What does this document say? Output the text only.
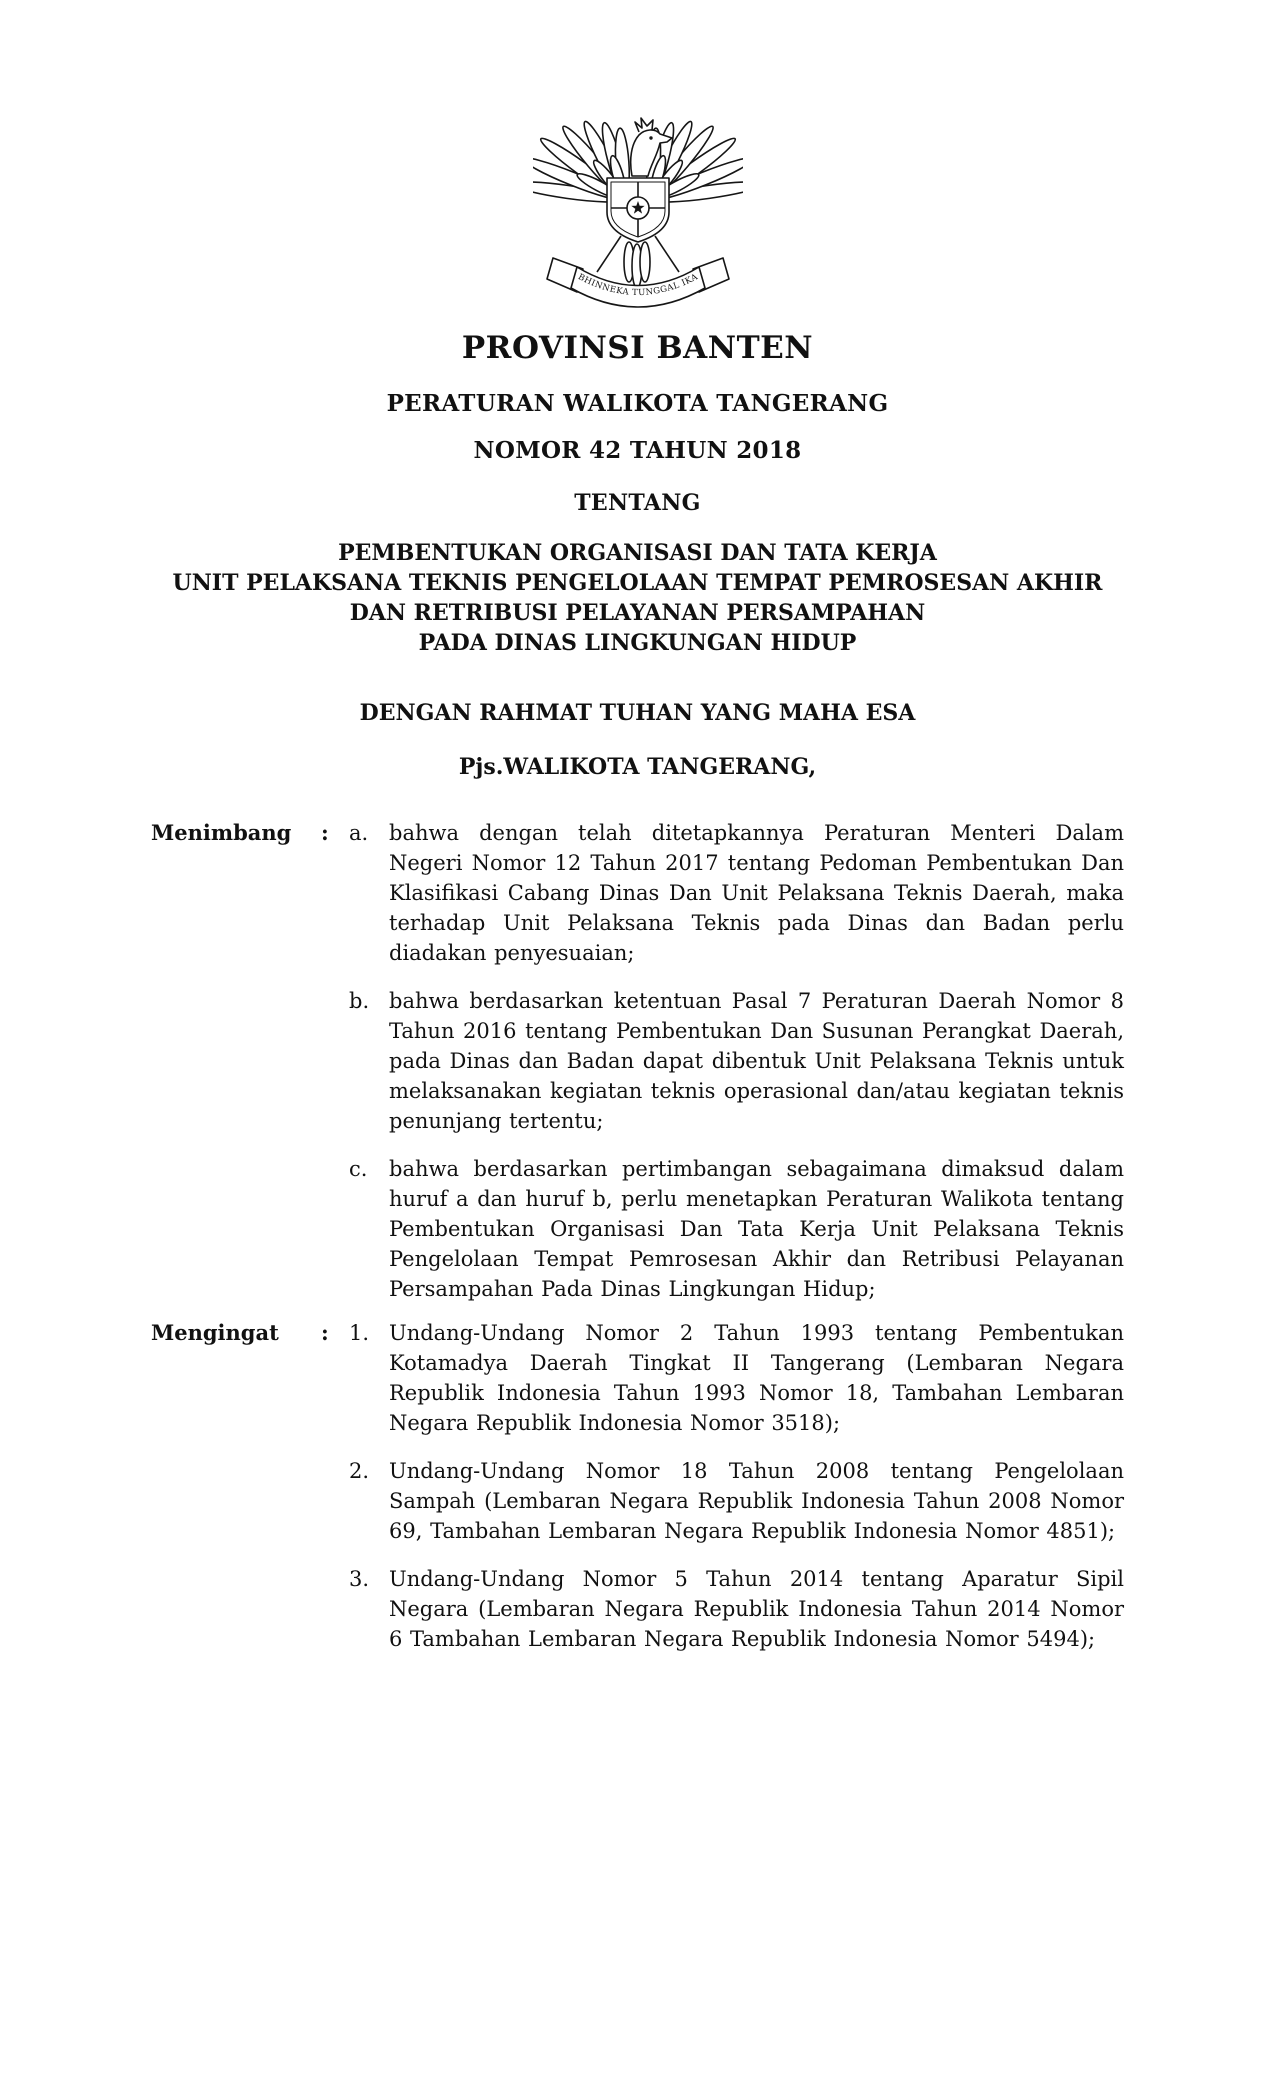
BHINNEKA TUNGGAL IKA
PROVINSI BANTEN
PERATURAN WALIKOTA TANGERANG
NOMOR 42 TAHUN 2018
TENTANG
PEMBENTUKAN ORGANISASI DAN TATA KERJA
UNIT PELAKSANA TEKNIS PENGELOLAAN TEMPAT PEMROSESAN AKHIR
DAN RETRIBUSI PELAYANAN PERSAMPAHAN
PADA DINAS LINGKUNGAN HIDUP
DENGAN RAHMAT TUHAN YANG MAHA ESA
Pjs.WALIKOTA TANGERANG,
Menimbang	: a. bahwa dengan telah ditetapkannya Peraturan Menteri Dalam Negeri Nomor 12 Tahun 2017 tentang Pedoman Pembentukan Dan Klasifikasi Cabang Dinas Dan Unit Pelaksana Teknis Daerah, maka terhadap Unit Pelaksana Teknis pada Dinas dan Badan perlu diadakan penyesuaian;
b. bahwa berdasarkan ketentuan Pasal 7 Peraturan Daerah Nomor 8 Tahun 2016 tentang Pembentukan Dan Susunan Perangkat Daerah, pada Dinas dan Badan dapat dibentuk Unit Pelaksana Teknis untuk melaksanakan kegiatan teknis operasional dan/atau kegiatan teknis penunjang tertentu;
c.	bahwa berdasarkan pertimbangan sebagaimana dimaksud dalam huruf a dan huruf b, perlu menetapkan Peraturan Walikota tentang Pembentukan Organisasi Dan Tata Kerja Unit Pelaksana Teknis Pengelolaan Tempat Pemrosesan Akhir dan Retribusi Pelayanan Persampahan Pada Dinas Lingkungan Hidup;
Mengingat	: 1. Undang-Undang Nomor 2 Tahun 1993 tentang Pembentukan Kotamadya Daerah Tingkat II Tangerang (Lembaran Negara Republik Indonesia Tahun 1993 Nomor 18, Tambahan Lembaran Negara Republik Indonesia Nomor 3518);
2. Undang-Undang Nomor 18 Tahun 2008 tentang Pengelolaan Sampah (Lembaran Negara Republik Indonesia Tahun 2008 Nomor 69, Tambahan Lembaran Negara Republik Indonesia Nomor 4851);
3. Undang-Undang Nomor 5 Tahun 2014 tentang Aparatur Sipil Negara (Lembaran Negara Republik Indonesia Tahun 2014 Nomor 6 Tambahan Lembaran Negara Republik Indonesia Nomor 5494);
